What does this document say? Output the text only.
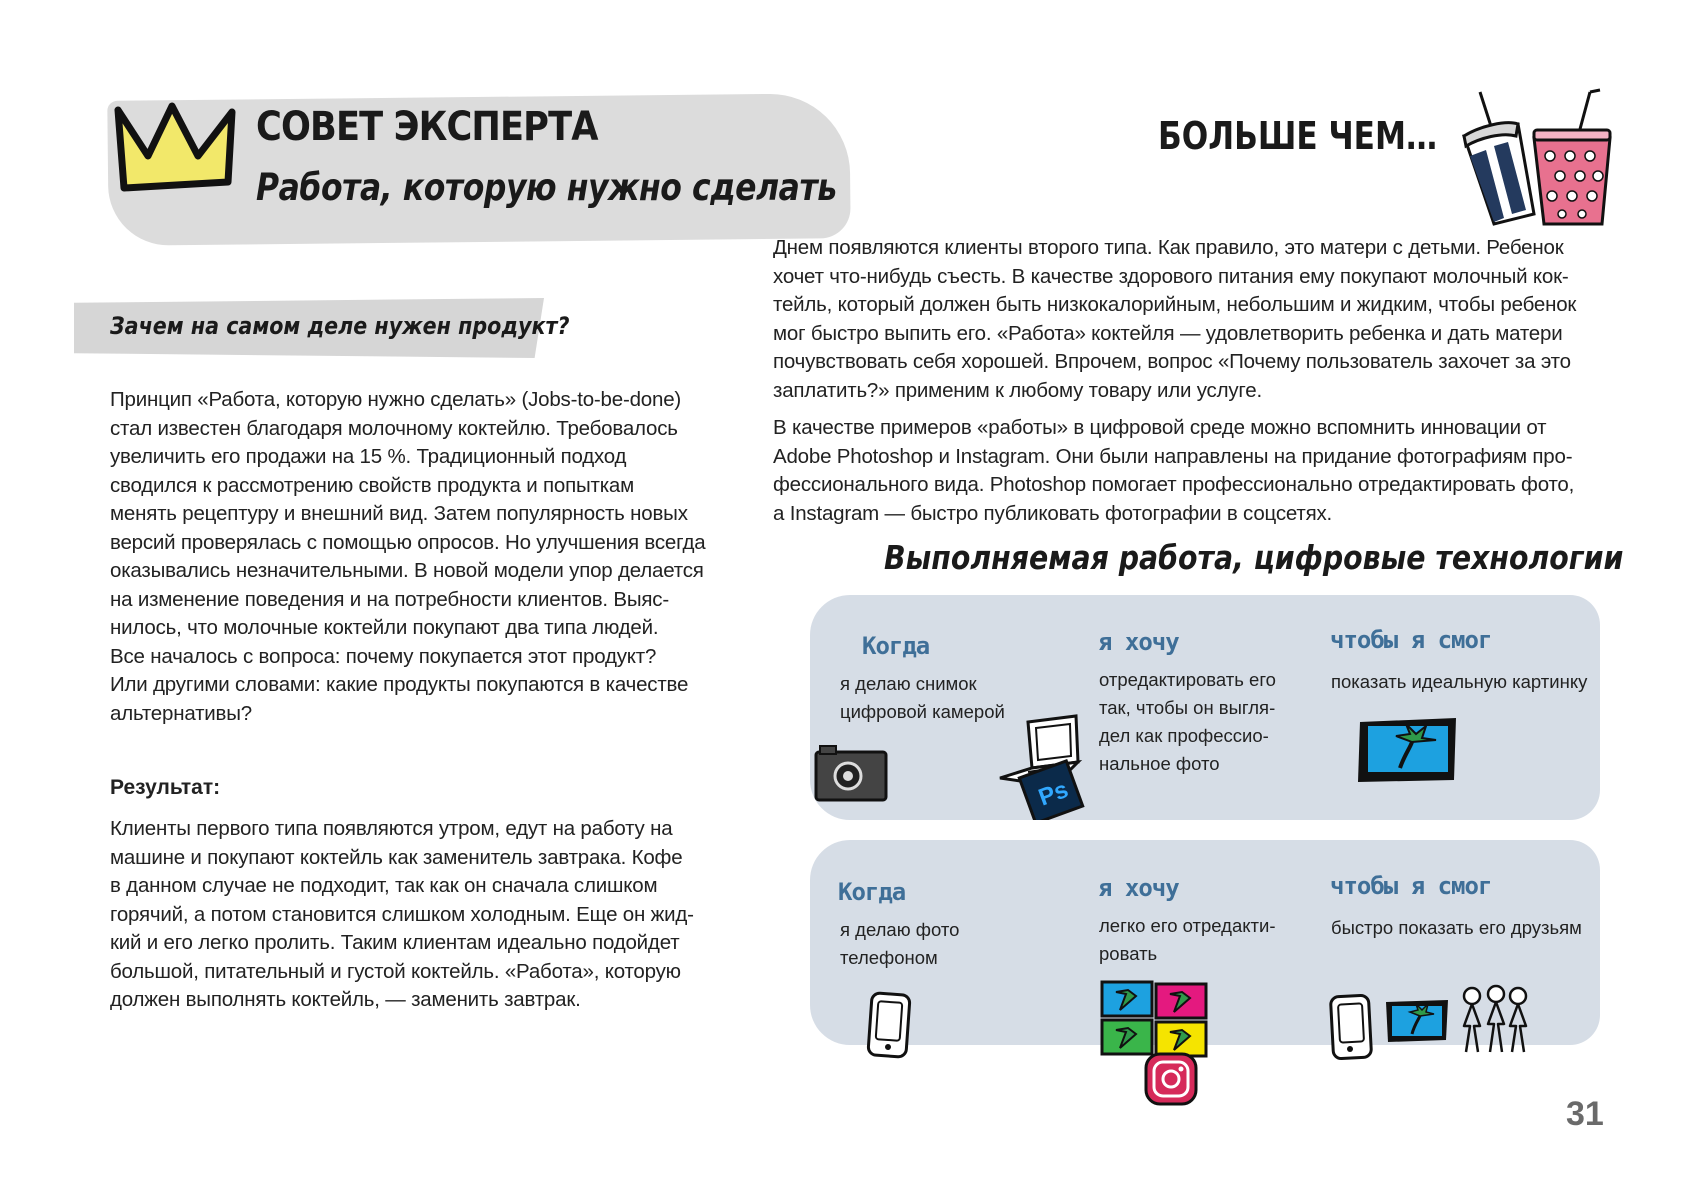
СОВЕТ ЭКСПЕРТА
Работа, которую нужно сделать
Зачем на самом деле нужен продукт?

Принцип «Работа, которую нужно сделать» (Jobs-to-be-done)

стал известен благодаря молочному коктейлю. Требовалось

увеличить его продажи на 15 %. Традиционный подход

сводился к рассмотрению свойств продукта и попыткам

менять рецептуру и внешний вид. Затем популярность новых

версий проверялась с помощью опросов. Но улучшения всегда

оказывались незначительными. В новой модели упор делается

на изменение поведения и на потребности клиентов. Выяс-

нилось, что молочные коктейли покупают два типа людей.

Все началось с вопроса: почему покупается этот продукт?

Или другими словами: какие продукты покупаются в качестве

альтернативы?

Результат:

Клиенты первого типа появляются утром, едут на работу на

машине и покупают коктейль как заменитель завтрака. Кофе

в данном случае не подходит, так как он сначала слишком

горячий, а потом становится слишком холодным. Еще он жид-

кий и его легко пролить. Таким клиентам идеально подойдет

большой, питательный и густой коктейль. «Работа», которую

должен выполнять коктейль, — заменить завтрак.

БОЛЬШЕ ЧЕМ…

Днем появляются клиенты второго типа. Как правило, это матери с детьми. Ребенок

хочет что-нибудь съесть. В качестве здорового питания ему покупают молочный кок-

тейль, который должен быть низкокалорийным, небольшим и жидким, чтобы ребенок

мог быстро выпить его. «Работа» коктейля — удовлетворить ребенка и дать матери

почувствовать себя хорошей. Впрочем, вопрос «Почему пользователь захочет за это

заплатить?» применим к любому товару или услуге.

В качестве примеров «работы» в цифровой среде можно вспомнить инновации от

Adobe Photoshop и Instagram. Они были направлены на придание фотографиям про-

фессионального вида. Photoshop помогает профессионально отредактировать фото,

а Instagram — быстро публиковать фотографии в соцсетях.

Выполняемая работа, цифровые технологии
Когда
я делаю снимок
цифровой камерой
я хочу
отредактировать его
так, чтобы он выгля-
дел как профессио-
нальное фото
чтобы я смог
показать идеальную картинку
Ps
Когда
я делаю фото
телефоном
я хочу
легко его отредакти-
ровать
чтобы я смог
быстро показать его друзьям
31
